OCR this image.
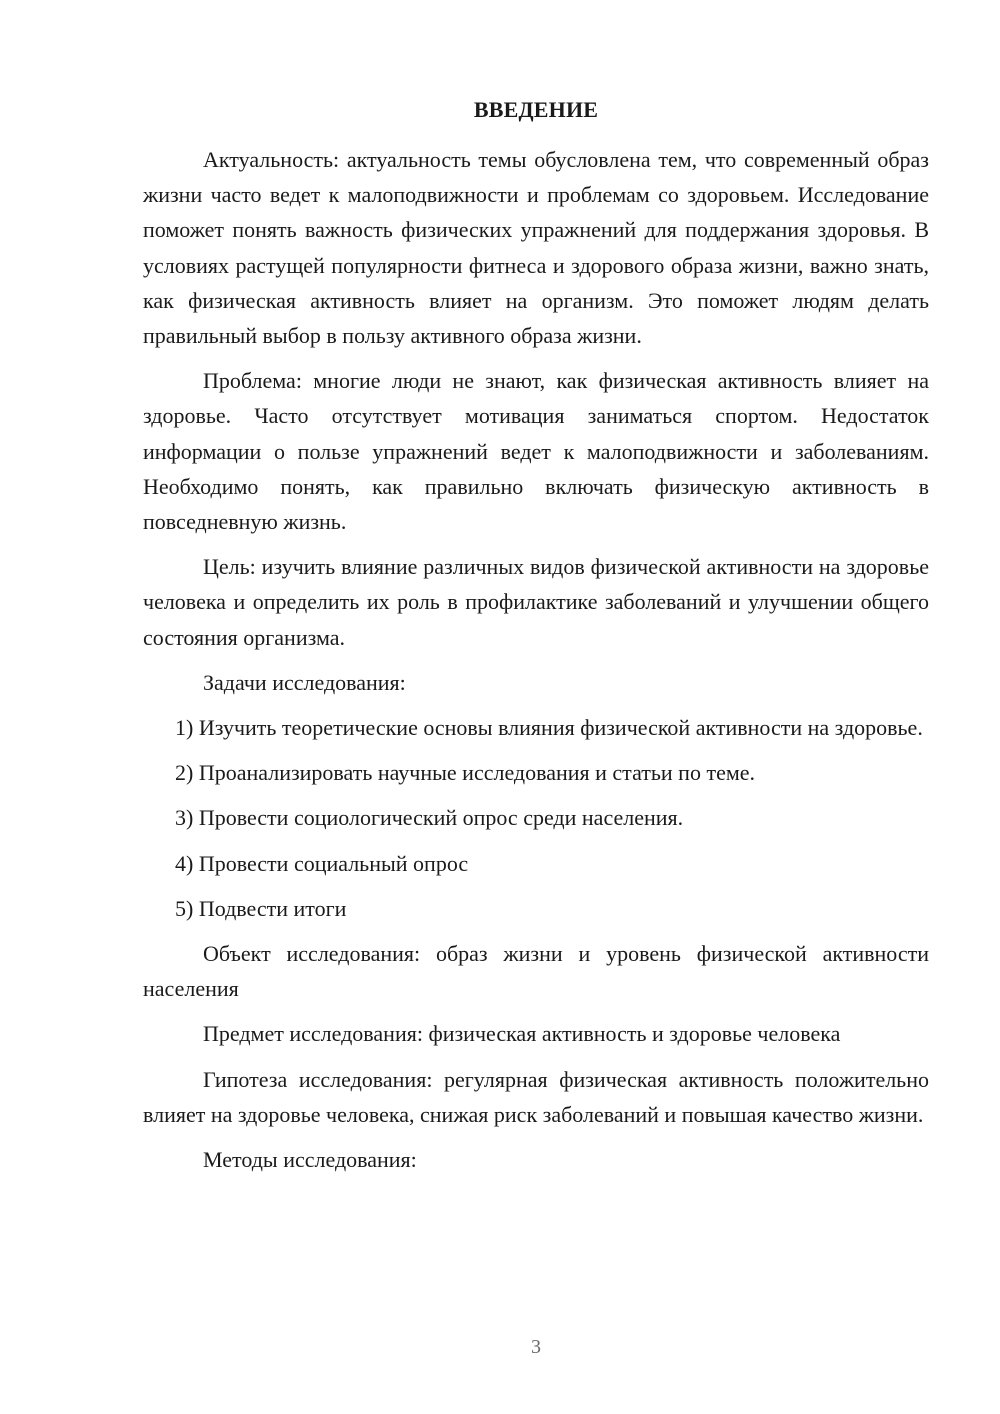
ВВЕДЕНИЕ

Актуальность: актуальность темы обусловлена тем, что современный образ жизни часто ведет к малоподвижности и проблемам со здоровьем. Исследование поможет понять важность физических упражнений для поддержания здоровья. В условиях растущей популярности фитнеса и здорового образа жизни, важно знать, как физическая активность влияет на организм. Это поможет людям делать правильный выбор в пользу активного образа жизни.

Проблема: многие люди не знают, как физическая активность влияет на здоровье. Часто отсутствует мотивация заниматься спортом. Недостаток информации о пользе упражнений ведет к малоподвижности и заболеваниям. Необходимо понять, как правильно включать физическую активность в повседневную жизнь.

Цель: изучить влияние различных видов физической активности на здоровье человека и определить их роль в профилактике заболеваний и улучшении общего состояния организма.

Задачи исследования:

1) Изучить теоретические основы влияния физической активности на здоровье.

2) Проанализировать научные исследования и статьи по теме.

3) Провести социологический опрос среди населения.

4) Провести социальный опрос

5) Подвести итоги

Объект исследования: образ жизни и уровень физической активности населения

Предмет исследования: физическая активность и здоровье человека

Гипотеза исследования: регулярная физическая активность положительно влияет на здоровье человека, снижая риск заболеваний и повышая качество жизни.

Методы исследования:

3
